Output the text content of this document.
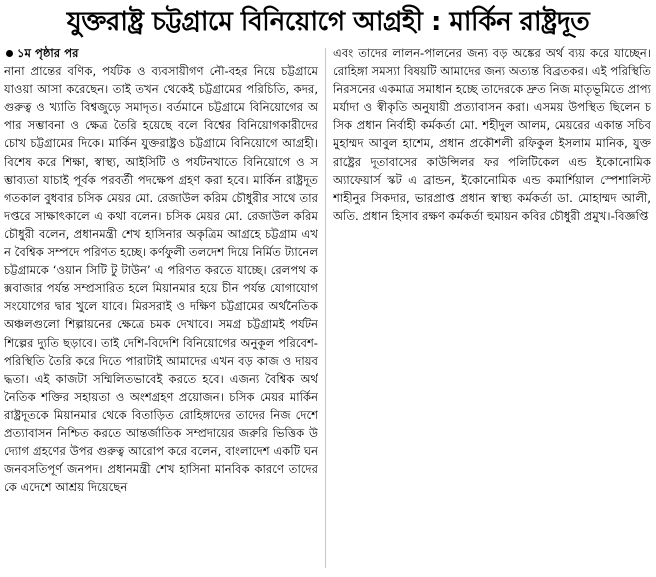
যুক্তরাষ্ট্র চট্টগ্রামে বিনিয়োগে আগ্রহী : মার্কিন রাষ্ট্রদূত

১ম পৃষ্ঠার পর

নানা প্রান্তের বণিক, পর্যটক ও ব্যবসায়ীগণ নৌ-বহর নিয়ে চট্টগ্রামে যাওয়া আসা করেছেন। তাই তখন থেকেই চট্টগ্রামের পরিচিতি, কদর, গুরুত্ব ও খ্যাতি বিশ্বজুড়ে সমাদৃত। বর্তমানে চট্টগ্রামে বিনিয়োগের অপার সম্ভাবনা ও ক্ষেত্র তৈরি হয়েছে বলে বিশ্বের বিনিয়োগকারীদের চোখ চট্টগ্রামের দিকে। মার্কিন যুক্তরাষ্ট্রও চট্টগ্রামে বিনিয়োগে আগ্রহী। বিশেষ করে শিক্ষা, স্বাস্থ্য, আইসিটি ও পর্যটনখাতে বিনিয়োগে ও সম্ভাব্যতা যাচাই পূর্বক পরবর্তী পদক্ষেপ গ্রহণ করা হবে। মার্কিন রাষ্ট্রদূত গতকাল বুধবার চসিক মেয়র মো. রেজাউল করিম চৌধুরীর সাথে তার দপ্তরে সাক্ষাৎকালে এ কথা বলেন। চসিক মেয়র মো. রেজাউল করিম চৌধুরী বলেন, প্রধানমন্ত্রী শেখ হাসিনার অকৃত্রিম আগ্রহে চট্টগ্রাম এখন বৈশ্বিক সম্পদে পরিণত হচ্ছে। কর্ণফুলী তলদেশ দিয়ে নির্মিত ট্যানেল চট্টগ্রামকে ‘ওয়ান সিটি টু টাউন’ এ পরিণত করতে যাচ্ছে। রেলপথ কক্সবাজার পর্যন্ত সম্প্রসারিত হলে মিয়ানমার হয়ে চীন পর্যন্ত যোগাযোগ সংযোগের দ্বার খুলে যাবে। মিরসরাই ও দক্ষিণ চট্টগ্রামের অর্থনৈতিক অঞ্চলগুলো শিল্পায়নের ক্ষেত্রে চমক দেখাবে। সমগ্র চট্টগ্রামই পর্যটন শিল্পের দ্যুতি ছড়াবে। তাই দেশি-বিদেশি বিনিয়োগের অনুকূল পরিবেশ-পরিস্থিতি তৈরি করে দিতে পারাটাই আমাদের এখন বড় কাজ ও দায়বদ্ধতা। এই কাজটা সম্মিলিতভাবেই করতে হবে। এজন্য বৈশ্বিক অর্থনৈতিক শক্তির সহায়তা ও অংশগ্রহণ প্রয়োজন। চসিক মেয়র মার্কিন রাষ্ট্রদূতকে মিয়ানমার থেকে বিতাড়িত রোহিঙ্গাদের তাদের নিজ দেশে প্রত্যাবাসন নিশ্চিত করতে আন্তর্জাতিক সম্প্রদায়ের জরুরি ভিত্তিক উদ্যোগ গ্রহণের উপর গুরুত্ব আরোপ করে বলেন, বাংলাদেশ একটি ঘন জনবসতিপূর্ণ জনপদ। প্রধানমন্ত্রী শেখ হাসিনা মানবিক কারণে তাদেরকে এদেশে আশ্রয় দিয়েছেন

এবং তাদের লালন-পালনের জন্য বড় অঙ্কের অর্থ ব্যয় করে যাচ্ছেন। রোহিঙ্গা সমস্যা বিষয়টি আমাদের জন্য অত্যন্ত বিব্রতকর। এই পরিস্থিতি নিরসনের একমাত্র সমাধান হচ্ছে তাদেরকে দ্রুত নিজ মাতৃভূমিতে প্রাপ্য মর্যাদা ও স্বীকৃতি অনুযায়ী প্রত্যাবাসন করা। এসময় উপস্থিত ছিলেন চসিক প্রধান নির্বাহী কর্মকর্তা মো. শহীদুল আলম, মেয়রের একান্ত সচিব মুহাম্মদ আবুল হাশেম, প্রধান প্রকৌশলী রফিকুল ইসলাম মানিক, যুক্তরাষ্ট্রের দূতাবাসের কাউন্সিলর ফর পলিটিকেল এন্ড ইকোনোমিক অ্যাফেয়ার্স স্কট এ ব্রান্ডন, ইকোনোমিক এন্ড কমার্শিয়াল স্পেশালিস্ট শাহীনুর সিকদার, ভারপ্রাপ্ত প্রধান স্বাস্থ্য কর্মকর্তা ডা. মোহাম্মদ আলী, অতি. প্রধান হিসাব রক্ষণ কর্মকর্তা হুমায়ন কবির চৌধুরী প্রমুখ।-বিজ্ঞপ্তি
